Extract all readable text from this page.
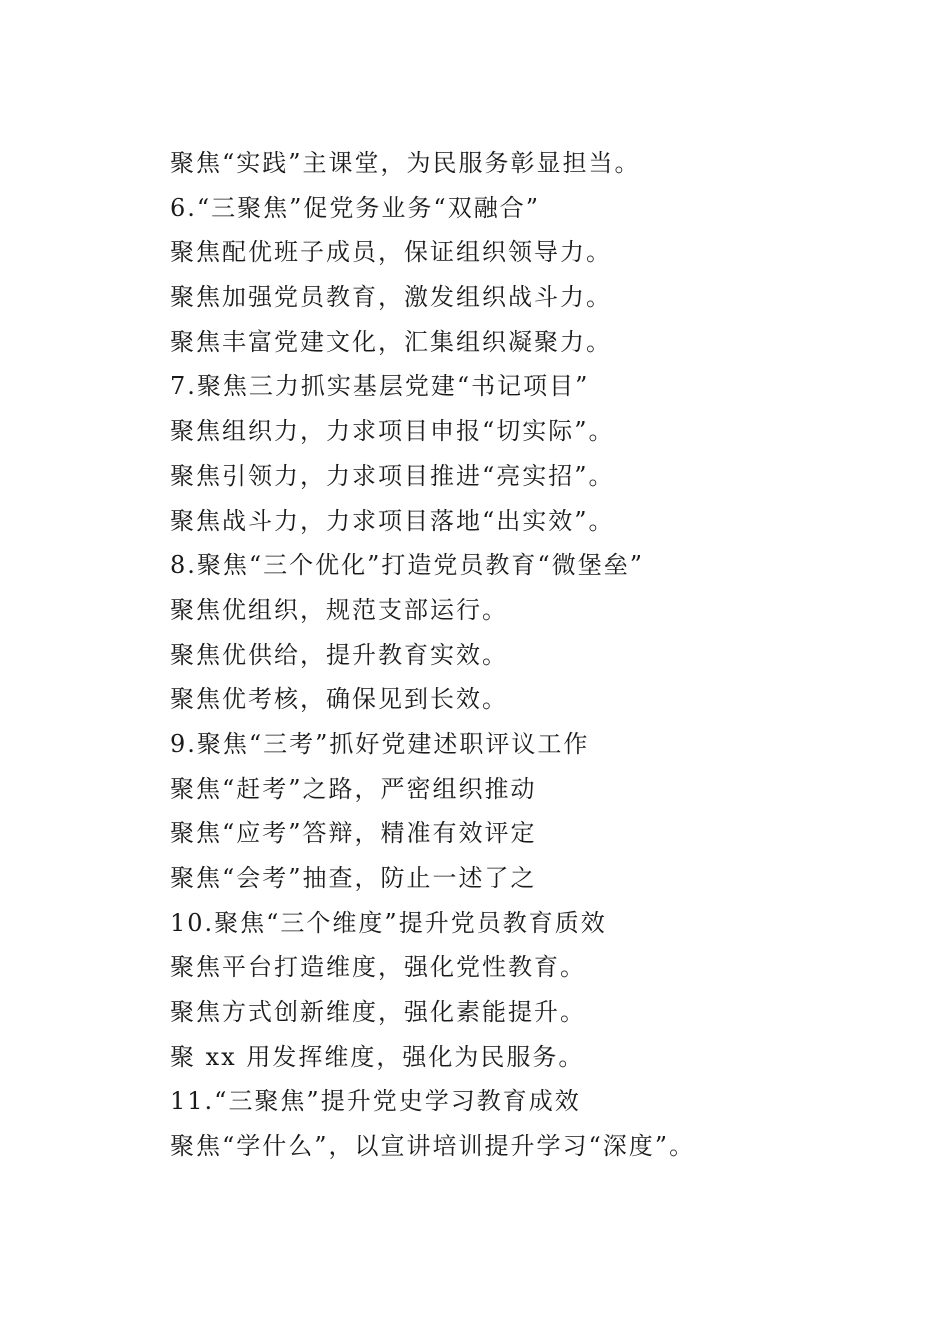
聚焦“实践”主课堂，为民服务彰显担当。
6.“三聚焦”促党务业务“双融合”
聚焦配优班子成员，保证组织领导力。
聚焦加强党员教育，激发组织战斗力。
聚焦丰富党建文化，汇集组织凝聚力。
7.聚焦三力抓实基层党建“书记项目”
聚焦组织力，力求项目申报“切实际”。
聚焦引领力，力求项目推进“亮实招”。
聚焦战斗力，力求项目落地“出实效”。
8.聚焦“三个优化”打造党员教育“微堡垒”
聚焦优组织，规范支部运行。
聚焦优供给，提升教育实效。
聚焦优考核，确保见到长效。
9.聚焦“三考”抓好党建述职评议工作
聚焦“赶考”之路，严密组织推动
聚焦“应考”答辩，精准有效评定
聚焦“会考”抽查，防止一述了之
10.聚焦“三个维度”提升党员教育质效
聚焦平台打造维度，强化党性教育。
聚焦方式创新维度，强化素能提升。
聚 xx 用发挥维度，强化为民服务。
11.“三聚焦”提升党史学习教育成效
聚焦“学什么”，以宣讲培训提升学习“深度”。
